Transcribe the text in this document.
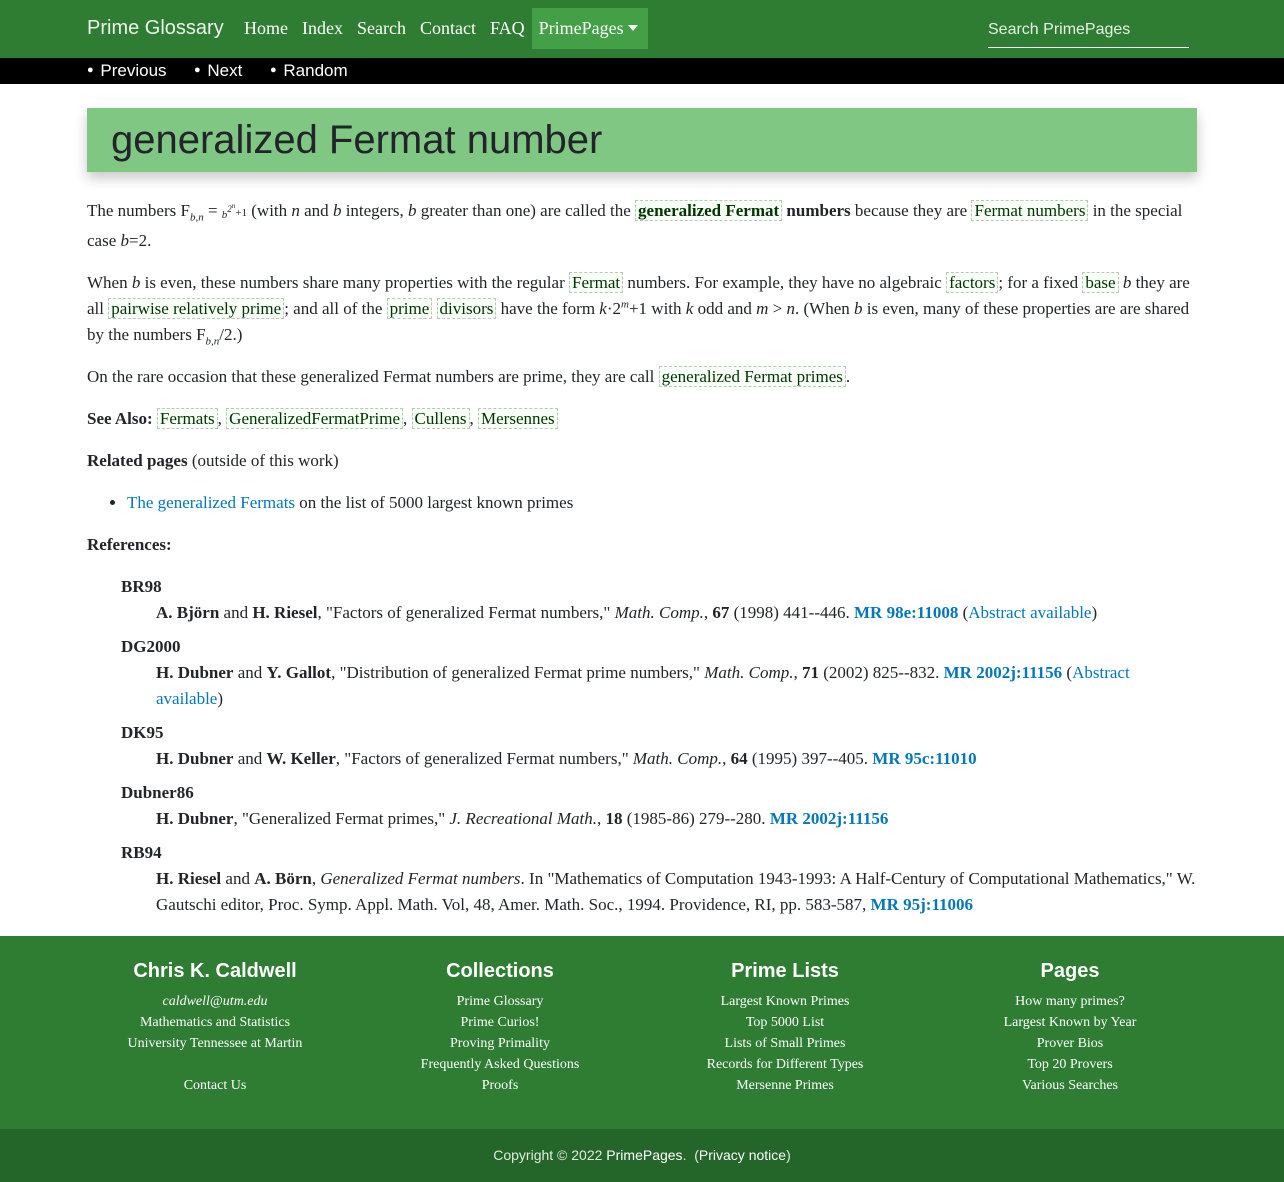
Prime Glossary	Home Index Search Contact FAQ PrimePages
Search PrimePages
● Previous ● Next	● Random
generalized Fermat number

The numbers $F_{b,n} = b^{2^n}+1$ (with n and b integers, b greater than one) are called the generalized Fermat numbers because they are Fermat numbers in the special case b=2.

When b is even, these numbers share many properties with the regular Fermat numbers. For example, they have no algebraic factors ; for a fixed base b they are all pairwise relatively prime ; and all of the prime divisors have the form $k\cdot 2^m+1$ with k odd and m > n. (When b is even, many of these properties are are shared by the numbers $F_{b,n}/2$.)

On the rare occasion that these generalized Fermat numbers are prime, they are call generalized Fermat primes .

See Also: Fermats , GeneralizedFermatPrime , Cullens , Mersennes

Related pages (outside of this work)

• The generalized Fermats on the list of 5000 largest known primes

References:

BR98
A. Björn and H. Riesel, "Factors of generalized Fermat numbers," Math. Comp., 67 (1998) 441--446. MR 98e:11008 (Abstract available)
DG2000
H. Dubner and Y. Gallot, "Distribution of generalized Fermat prime numbers," Math. Comp., 71 (2002) 825--832. MR 2002j:11156 (Abstract available)
DK95
H. Dubner and W. Keller, "Factors of generalized Fermat numbers," Math. Comp., 64 (1995) 397--405. MR 95c:11010
Dubner86
H. Dubner, "Generalized Fermat primes," J. Recreational Math., 18 (1985-86) 279--280. MR 2002j:11156
RB94
H. Riesel and A. Börn, Generalized Fermat numbers. In "Mathematics of Computation 1943-1993: A Half-Century of Computational Mathematics," W. Gautschi editor, Proc. Symp. Appl. Math. Vol, 48, Amer. Math. Soc., 1994. Providence, RI, pp. 583-587, MR 95j:11006
Chris K. Caldwell
caldwell@utm.edu
Mathematics and Statistics
University Tennessee at Martin
Contact Us
Collections
Prime Glossary
Prime Curios!
Proving Primality
Frequently Asked Questions
Proofs
Prime Lists
Largest Known Primes
Top 5000 List
Lists of Small Primes
Records for Different Types
Mersenne Primes
Pages
How many primes?
Largest Known by Year
Prover Bios
Top 20 Provers
Various Searches
Copyright © 2022 PrimePages.  (Privacy notice)
